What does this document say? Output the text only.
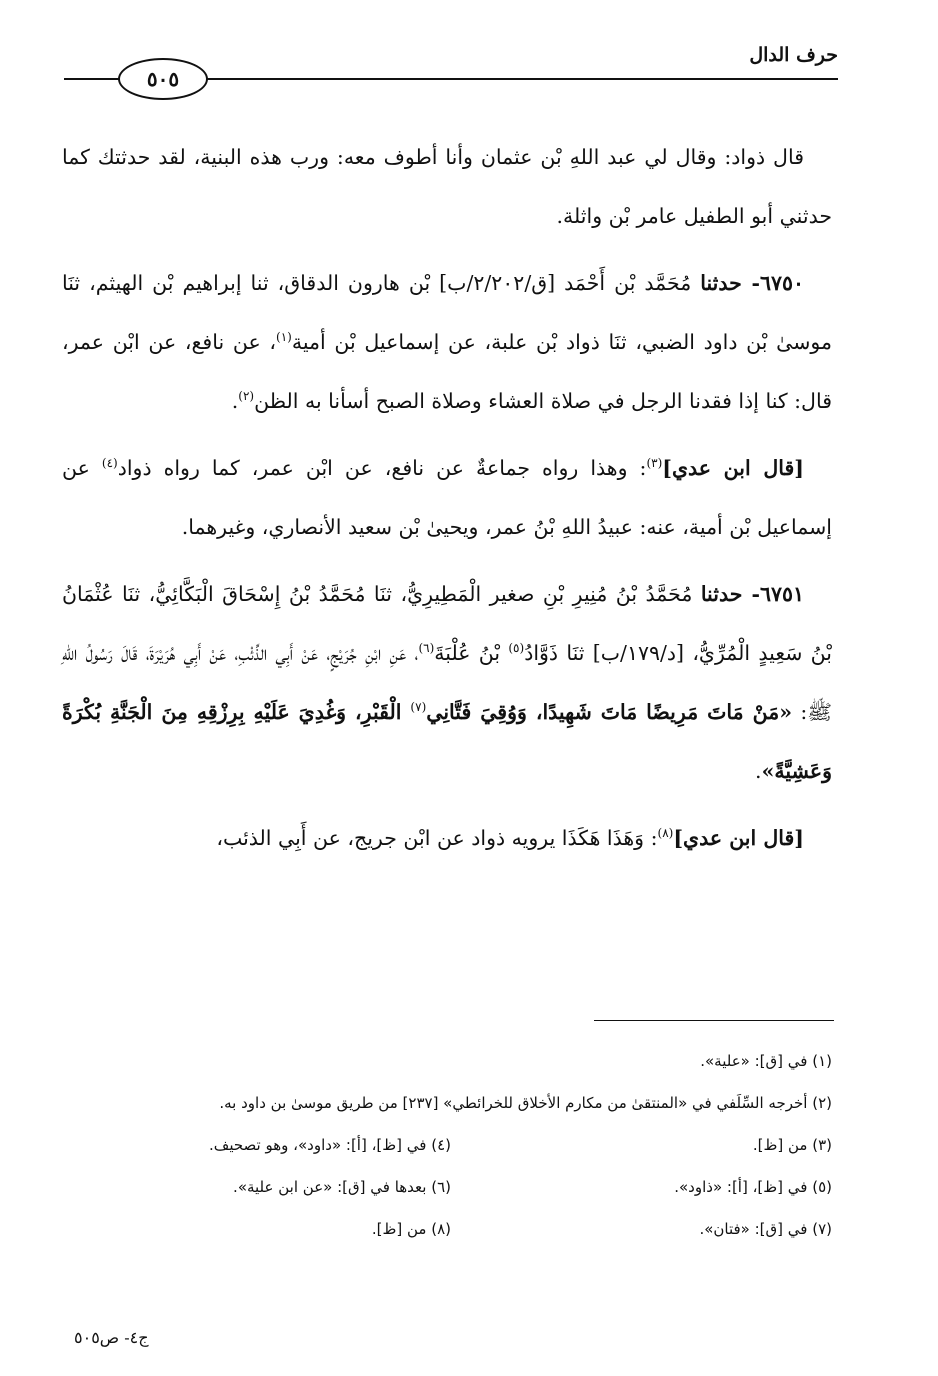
حرف الدال
٥٠٥

قال ذواد: وقال لي عبد اللهِ بْن عثمان وأنا أطوف معه: ورب هذه البنية، لقد حدثتك كما حدثني أبو الطفيل عامر بْن واثلة.

٦٧٥٠- حدثنا مُحَمَّد بْن أَحْمَد [ق/٢/٢٠٢/ب] بْن هارون الدقاق، ثنا إبراهيم بْن الهيثم، ثنَا موسىٰ بْن داود الضبي، ثنَا ذواد بْن علبة، عن إسماعيل بْن أمية$^{(١)}$، عن نافع، عن ابْن عمر، قال: كنا إذا فقدنا الرجل في صلاة العشاء وصلاة الصبح أسأنا به الظن$^{(٢)}$.

[قال ابن عدي]$^{(٣)}$: وهذا رواه جماعةٌ عن نافع، عن ابْن عمر، كما رواه ذواد$^{(٤)}$ عن إسماعيل بْن أمية، عنه: عبيدُ اللهِ بْنُ عمر، ويحيىٰ بْن سعيد الأنصاري، وغيرهما.

٦٧٥١- حدثنا مُحَمَّدُ بْنُ مُنِيرِ بْنِ صغير الْمَطِيرِيُّ، ثنَا مُحَمَّدُ بْنُ إِسْحَاقَ الْبَكَّائِيُّ، ثنَا عُثْمَانُ بْنُ سَعِيدٍ الْمُرِّيُّ، [د/١٧٩/ب] ثنَا ذَوَّادُ$^{(٥)}$ بْنُ عُلْبَةَ$^{(٦)}$، عَنِ ابْنِ جُرَيْجٍ، عَنْ أَبِي الذِّئْبِ، عَنْ أَبِي هُرَيْرَةَ، قَالَ رَسُولُ اللهِ ﷺ: «مَنْ مَاتَ مَرِيضًا مَاتَ شَهِيدًا، وَوُقِيَ فَتَّانِي$^{(٧)}$ الْقَبْرِ، وَغُدِيَ عَلَيْهِ بِرِزْقِهِ مِنَ الْجَنَّةِ بُكْرَةً وَعَشِيَّةً».

[قال ابن عدي]$^{(٨)}$: وَهَذَا هَكَذَا يرويه ذواد عن ابْن جريج، عن أَبِي الذئب،

(١) في [ق]: «علية».
(٢) أخرجه السِّلَفي في «المنتقىٰ من مكارم الأخلاق للخرائطي» [٢٣٧] من طريق موسىٰ بن داود به.
(٣) من [ظ].
(٤) في [ظ]، [أ]: «داود»، وهو تصحيف.
(٥) في [ظ]، [أ]: «ذاود».
(٦) بعدها في [ق]: «عن ابن علية».
(٧) في [ق]: «فتان».
(٨) من [ظ].
ج٤- ص٥٠٥
